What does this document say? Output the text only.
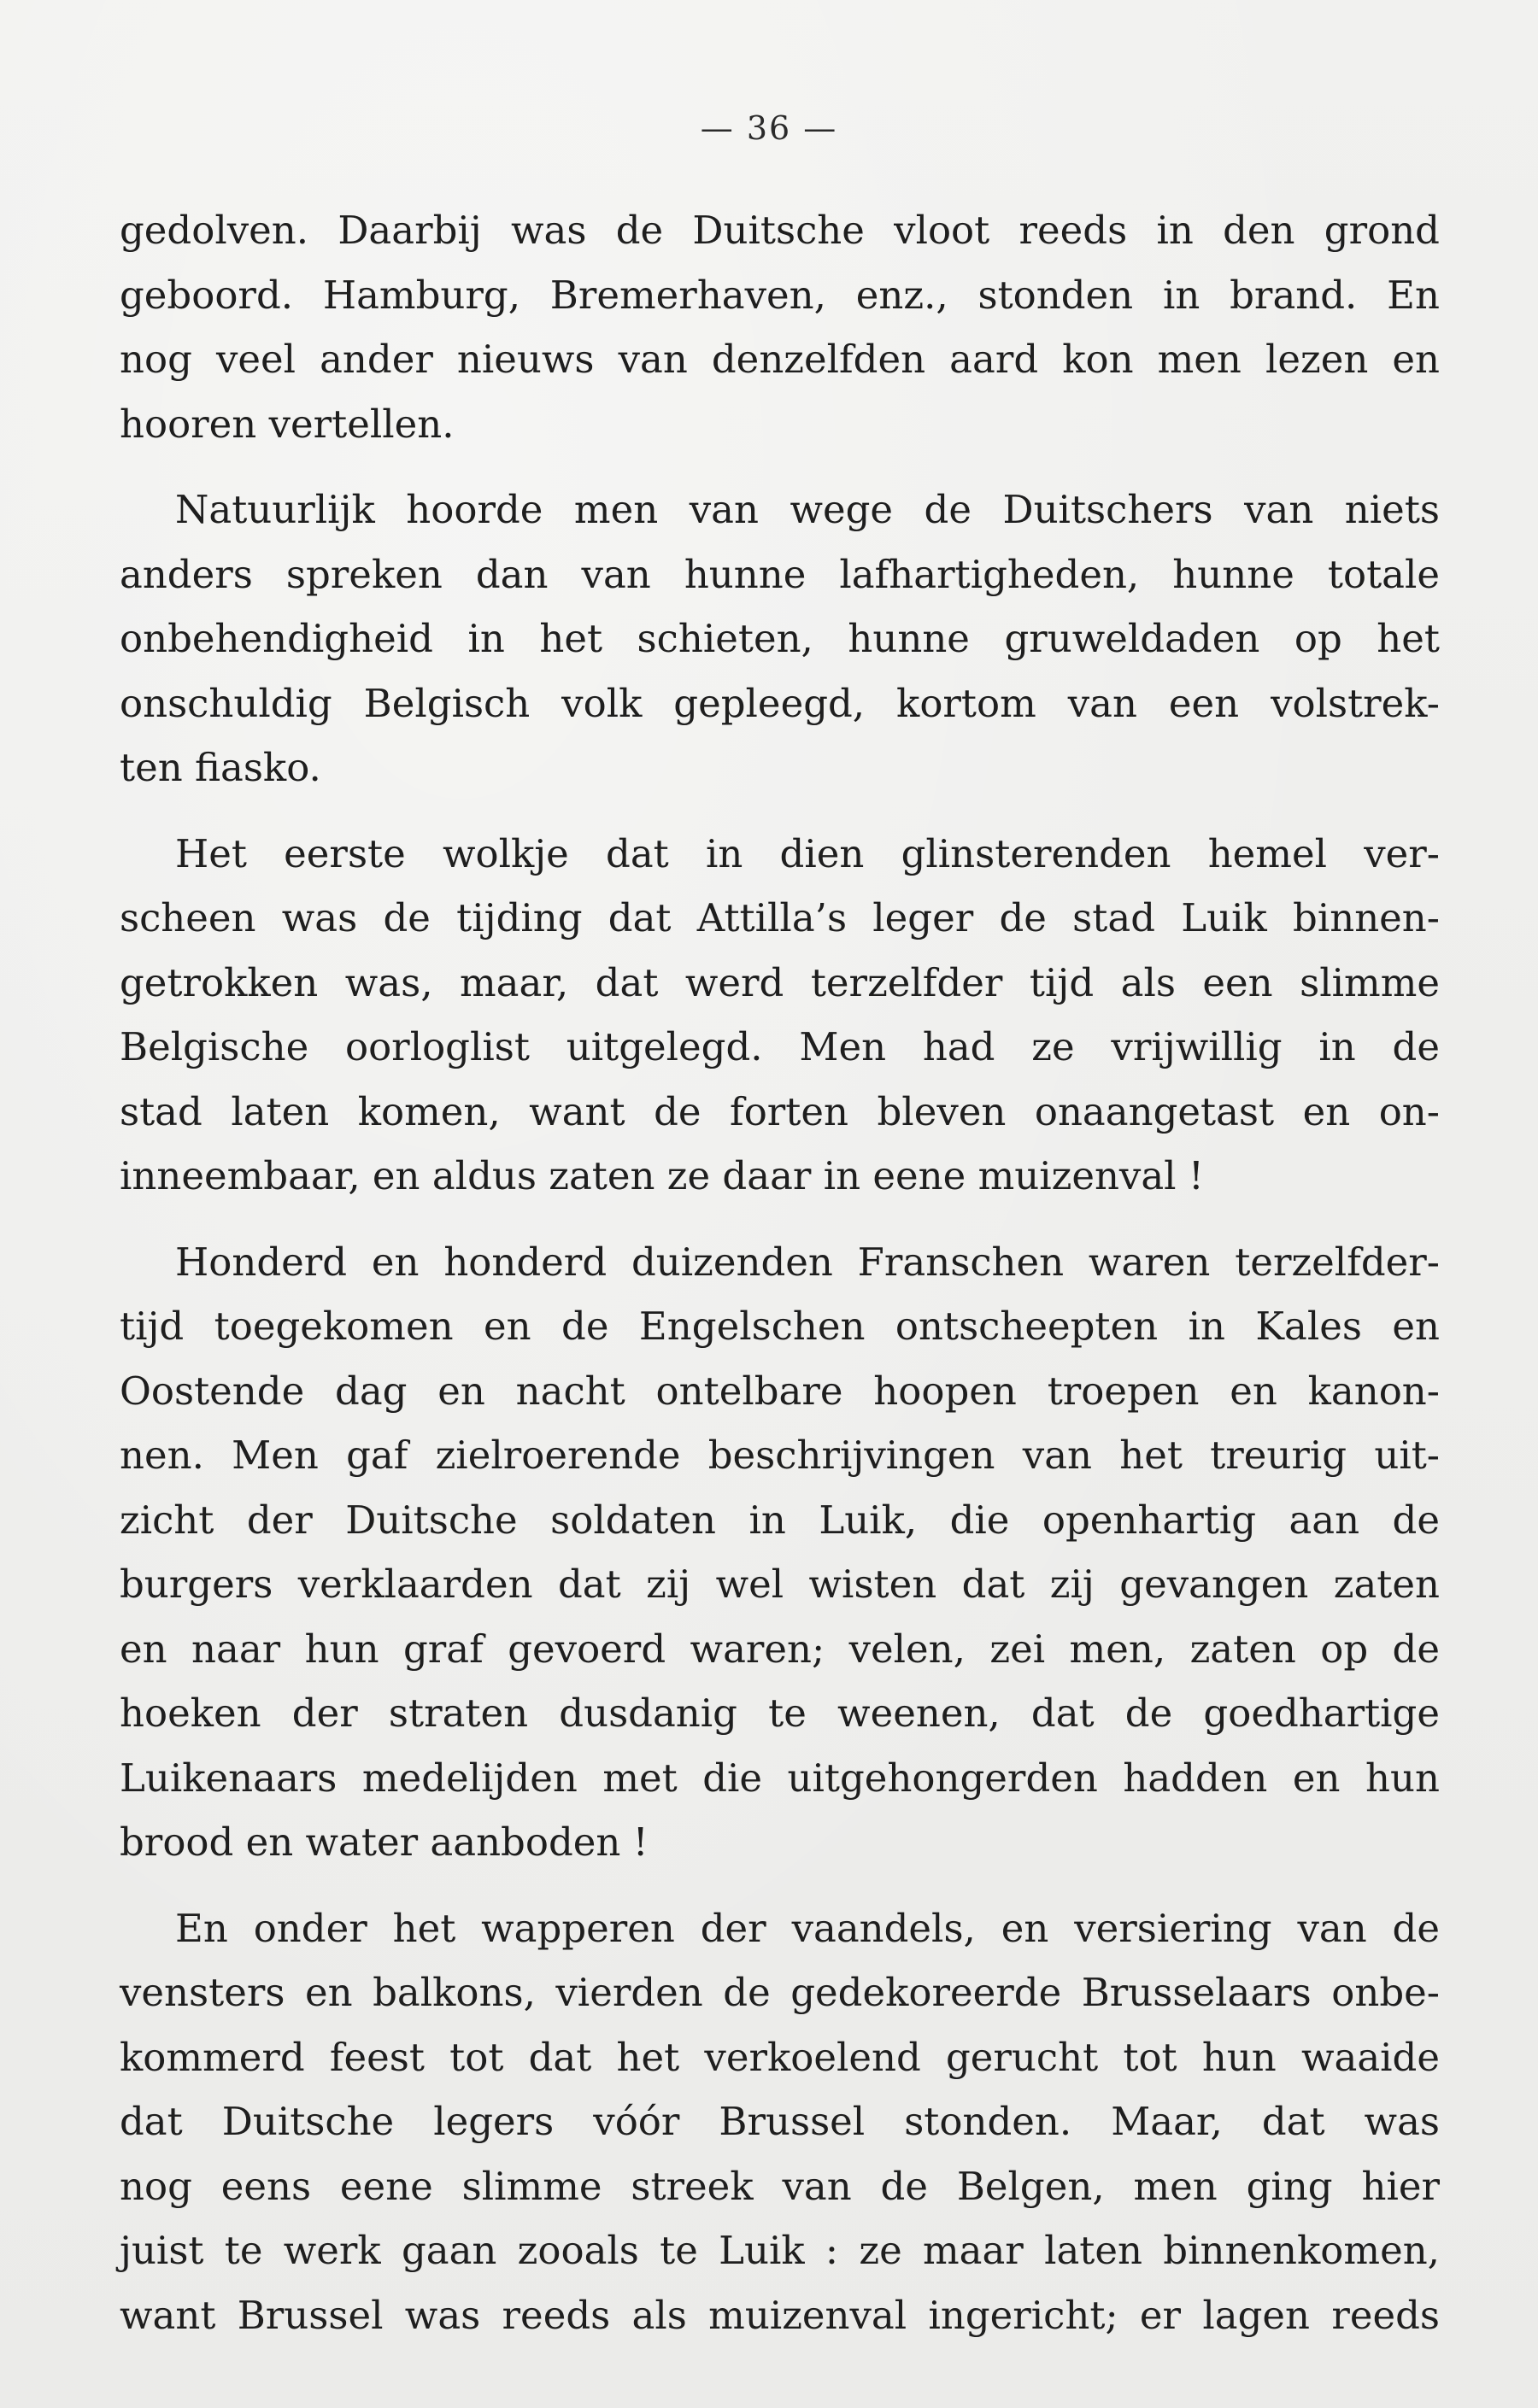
— 36 —
gedolven. Daarbij was de Duitsche vloot reeds in den grond
geboord. Hamburg, Bremerhaven, enz., stonden in brand. En
nog veel ander nieuws van denzelfden aard kon men lezen en
hooren vertellen.
Natuurlijk hoorde men van wege de Duitschers van niets
anders spreken dan van hunne lafhartigheden, hunne totale
onbehendigheid in het schieten, hunne gruweldaden op het
onschuldig Belgisch volk gepleegd, kortom van een volstrek-
ten fiasko.
Het eerste wolkje dat in dien glinsterenden hemel ver-
scheen was de tijding dat Attilla’s leger de stad Luik binnen-
getrokken was, maar, dat werd terzelfder tijd als een slimme
Belgische oorloglist uitgelegd. Men had ze vrijwillig in de
stad laten komen, want de forten bleven onaangetast en on-
inneembaar, en aldus zaten ze daar in eene muizenval !
Honderd en honderd duizenden Franschen waren terzelfder-
tijd toegekomen en de Engelschen ontscheepten in Kales en
Oostende dag en nacht ontelbare hoopen troepen en kanon-
nen. Men gaf zielroerende beschrijvingen van het treurig uit-
zicht der Duitsche soldaten in Luik, die openhartig aan de
burgers verklaarden dat zij wel wisten dat zij gevangen zaten
en naar hun graf gevoerd waren; velen, zei men, zaten op de
hoeken der straten dusdanig te weenen, dat de goedhartige
Luikenaars medelijden met die uitgehongerden hadden en hun
brood en water aanboden !
En onder het wapperen der vaandels, en versiering van de
vensters en balkons, vierden de gedekoreerde Brusselaars onbe-
kommerd feest tot dat het verkoelend gerucht tot hun waaide
dat Duitsche legers vóór Brussel stonden. Maar, dat was
nog eens eene slimme streek van de Belgen, men ging hier
juist te werk gaan zooals te Luik : ze maar laten binnenkomen,
want Brussel was reeds als muizenval ingericht; er lagen reeds
